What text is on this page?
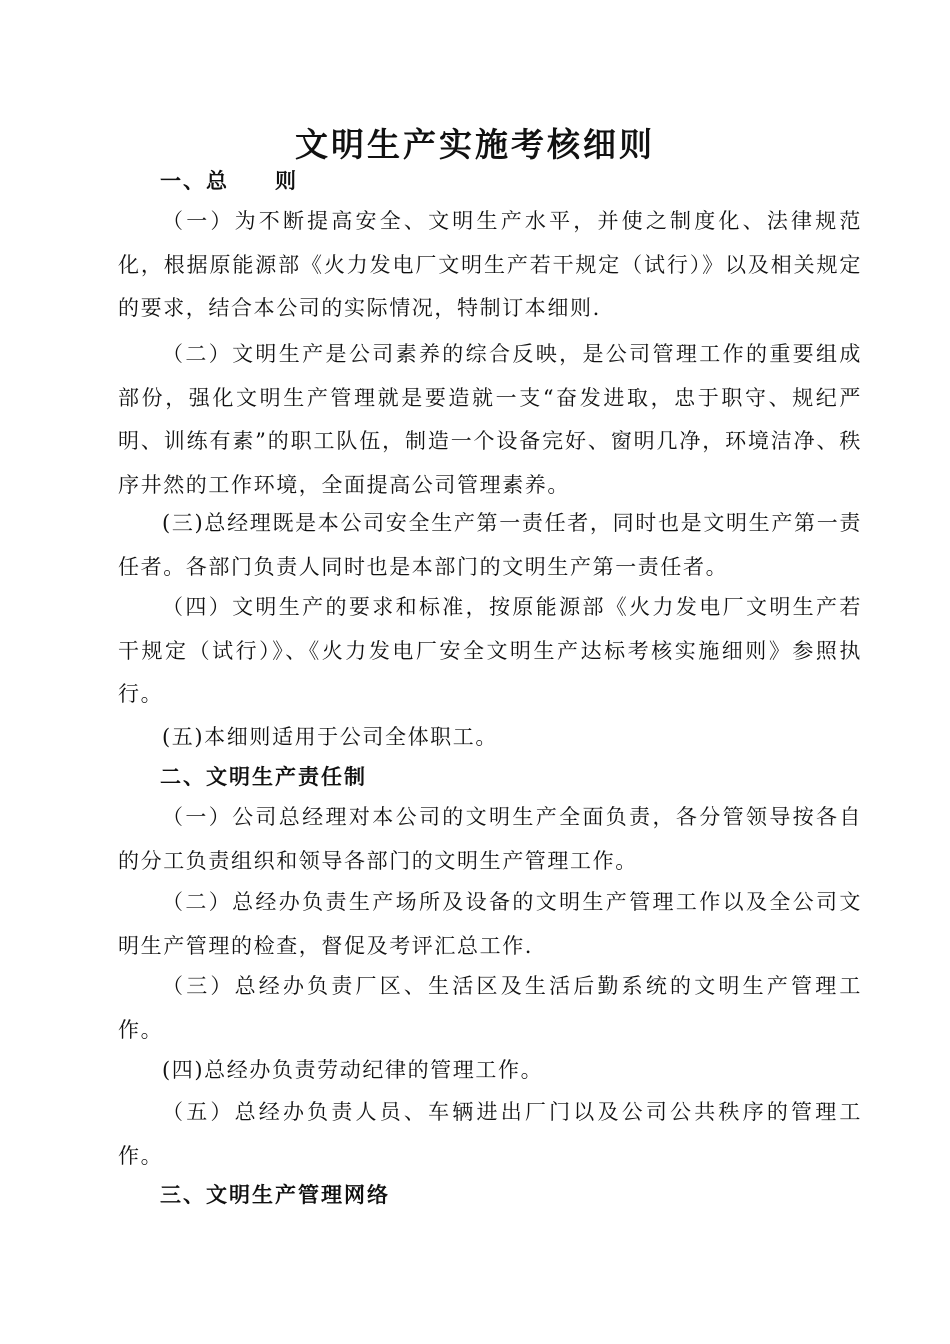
文明生产实施考核细则
一、总　　则

（一）为不断提高安全、文明生产水平，并使之制度化、法律规范化，根据原能源部《火力发电厂文明生产若干规定（试行）》以及相关规定的要求，结合本公司的实际情况，特制订本细则.

（二）文明生产是公司素养的综合反映，是公司管理工作的重要组成部份，强化文明生产管理就是要造就一支“奋发进取，忠于职守、规纪严明、训练有素”的职工队伍，制造一个设备完好、窗明几净，环境洁净、秩序井然的工作环境，全面提高公司管理素养。

(三)总经理既是本公司安全生产第一责任者，同时也是文明生产第一责任者。各部门负责人同时也是本部门的文明生产第一责任者。

（四）文明生产的要求和标准，按原能源部《火力发电厂文明生产若干规定（试行）》、《火力发电厂安全文明生产达标考核实施细则》参照执行。

(五)本细则适用于公司全体职工。

二、文明生产责任制

（一）公司总经理对本公司的文明生产全面负责，各分管领导按各自的分工负责组织和领导各部门的文明生产管理工作。

（二）总经办负责生产场所及设备的文明生产管理工作以及全公司文明生产管理的检查，督促及考评汇总工作.

（三）总经办负责厂区、生活区及生活后勤系统的文明生产管理工作。

(四)总经办负责劳动纪律的管理工作。

（五）总经办负责人员、车辆进出厂门以及公司公共秩序的管理工作。

三、文明生产管理网络
